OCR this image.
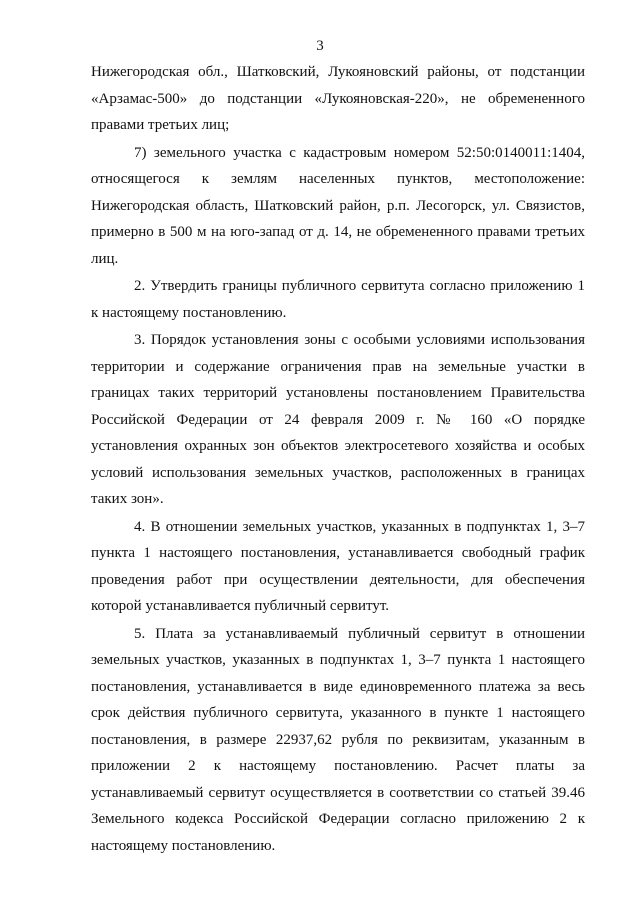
3

Нижегородская обл., Шатковский, Лукояновский районы, от подстанции «Арзамас-500» до подстанции «Лукояновская-220», не обремененного правами третьих лиц;

7) земельного участка с кадастровым номером 52:50:0140011:1404, относящегося к землям населенных пунктов, местоположение: Нижегородская область, Шатковский район, р.п. Лесогорск, ул. Связистов, примерно в 500 м на юго-запад от д. 14, не обремененного правами третьих лиц.

2. Утвердить границы публичного сервитута согласно приложению 1 к настоящему постановлению.

3. Порядок установления зоны с особыми условиями использования территории и содержание ограничения прав на земельные участки в границах таких территорий установлены постановлением Правительства Российской Федерации от 24 февраля 2009 г. № 160 «О порядке установления охранных зон объектов электросетевого хозяйства и особых условий использования земельных участков, расположенных в границах таких зон».

4. В отношении земельных участков, указанных в подпунктах 1, 3–7 пункта 1 настоящего постановления, устанавливается свободный график проведения работ при осуществлении деятельности, для обеспечения которой устанавливается публичный сервитут.

5. Плата за устанавливаемый публичный сервитут в отношении земельных участков, указанных в подпунктах 1, 3–7 пункта 1 настоящего постановления, устанавливается в виде единовременного платежа за весь срок действия публичного сервитута, указанного в пункте 1 настоящего постановления, в размере 22937,62 рубля по реквизитам, указанным в приложении 2 к настоящему постановлению. Расчет платы за устанавливаемый сервитут осуществляется в соответствии со статьей 39.46 Земельного кодекса Российской Федерации согласно приложению 2 к настоящему постановлению.
